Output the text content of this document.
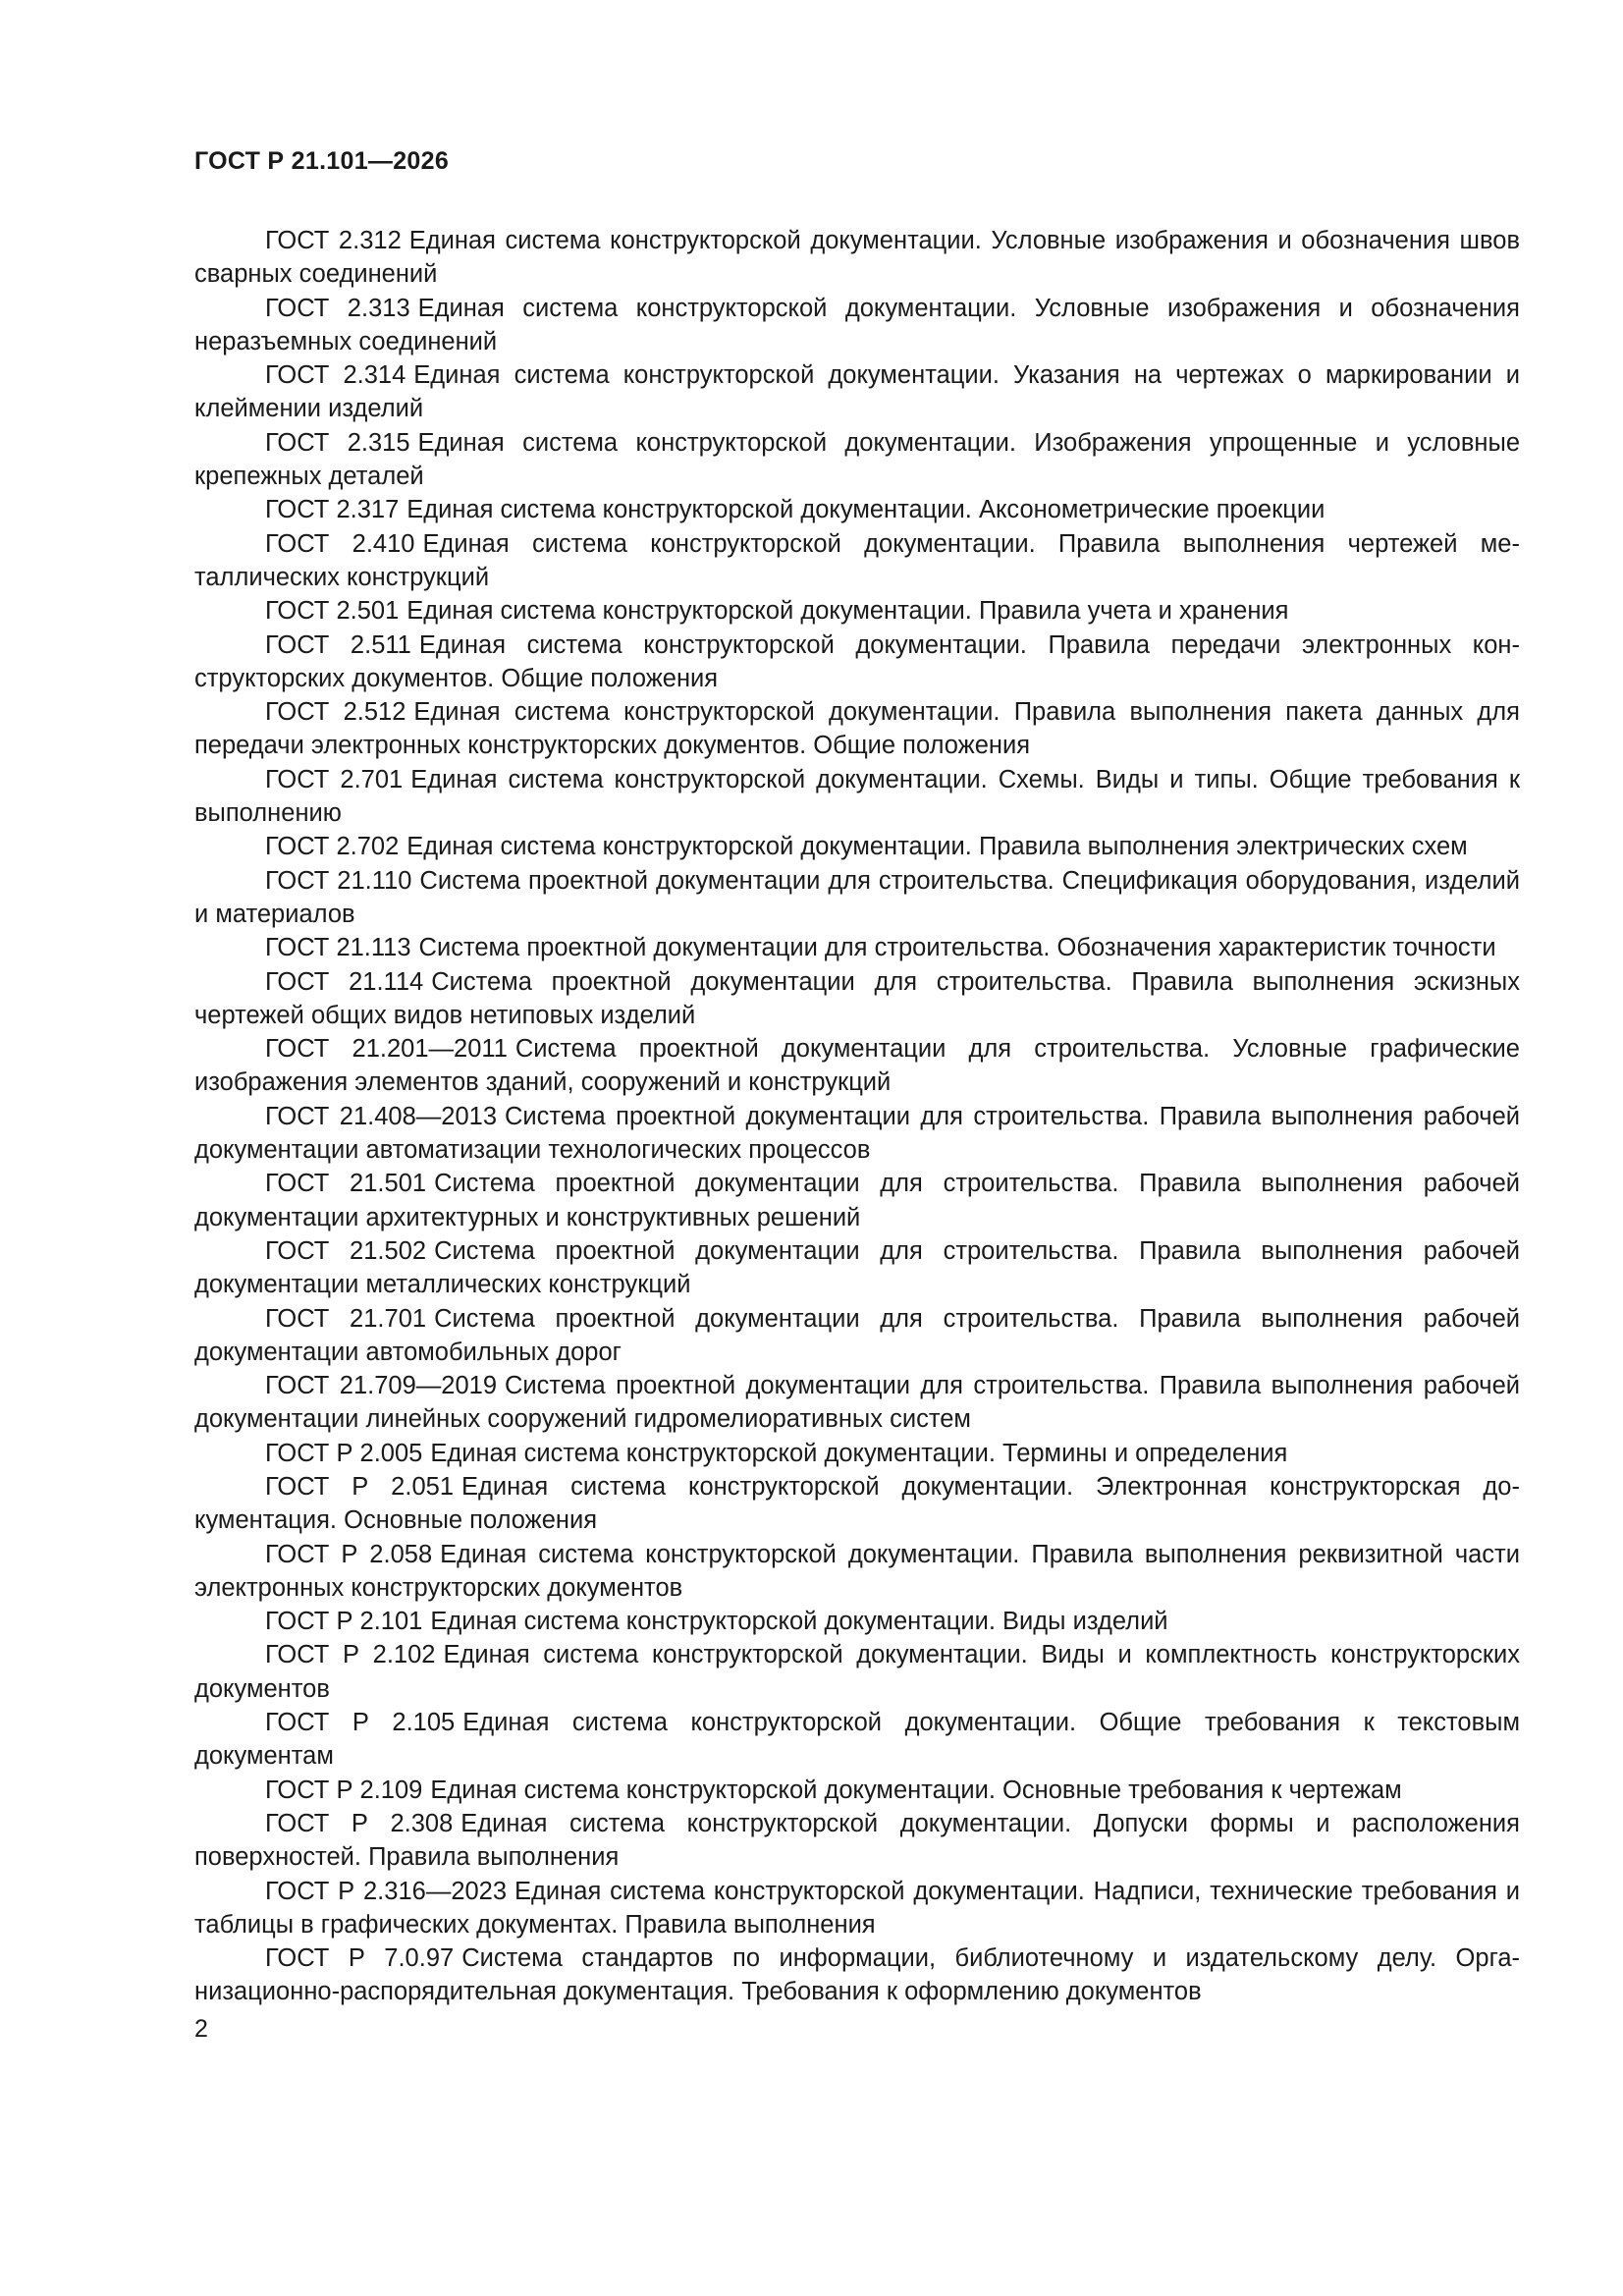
ГОСТ Р 21.101—2026
ГОСТ 2.312 Единая система конструкторской документации. Условные изображения и обозначения швов сварных соединений
ГОСТ 2.313 Единая система конструкторской документации. Условные изображения и обозначения неразъемных соединений
ГОСТ 2.314 Единая система конструкторской документации. Указания на чертежах о маркировании и клеймении изделий
ГОСТ 2.315 Единая система конструкторской документации. Изображения упрощенные и условные крепежных деталей
ГОСТ 2.317 Единая система конструкторской документации. Аксонометрические проекции
ГОСТ 2.410 Единая система конструкторской документации. Правила выполнения чертежей металлических конструкций
ГОСТ 2.501 Единая система конструкторской документации. Правила учета и хранения
ГОСТ 2.511 Единая система конструкторской документации. Правила передачи электронных конструкторских документов. Общие положения
ГОСТ 2.512 Единая система конструкторской документации. Правила выполнения пакета данных для передачи электронных конструкторских документов. Общие положения
ГОСТ 2.701 Единая система конструкторской документации. Схемы. Виды и типы. Общие требования к выполнению
ГОСТ 2.702 Единая система конструкторской документации. Правила выполнения электрических схем
ГОСТ 21.110 Система проектной документации для строительства. Спецификация оборудования, изделий и материалов
ГОСТ 21.113 Система проектной документации для строительства. Обозначения характеристик точности
ГОСТ 21.114 Система проектной документации для строительства. Правила выполнения эскизных чертежей общих видов нетиповых изделий
ГОСТ 21.201—2011 Система проектной документации для строительства. Условные графические изображения элементов зданий, сооружений и конструкций
ГОСТ 21.408—2013 Система проектной документации для строительства. Правила выполнения рабочей документации автоматизации технологических процессов
ГОСТ 21.501 Система проектной документации для строительства. Правила выполнения рабочей документации архитектурных и конструктивных решений
ГОСТ 21.502 Система проектной документации для строительства. Правила выполнения рабочей документации металлических конструкций
ГОСТ 21.701 Система проектной документации для строительства. Правила выполнения рабочей документации автомобильных дорог
ГОСТ 21.709—2019 Система проектной документации для строительства. Правила выполнения рабочей документации линейных сооружений гидромелиоративных систем
ГОСТ Р 2.005 Единая система конструкторской документации. Термины и определения
ГОСТ Р 2.051 Единая система конструкторской документации. Электронная конструкторская документация. Основные положения
ГОСТ Р 2.058 Единая система конструкторской документации. Правила выполнения реквизитной части электронных конструкторских документов
ГОСТ Р 2.101 Единая система конструкторской документации. Виды изделий
ГОСТ Р 2.102 Единая система конструкторской документации. Виды и комплектность конструкторских документов
ГОСТ Р 2.105 Единая система конструкторской документации. Общие требования к текстовым документам
ГОСТ Р 2.109 Единая система конструкторской документации. Основные требования к чертежам
ГОСТ Р 2.308 Единая система конструкторской документации. Допуски формы и расположения поверхностей. Правила выполнения
ГОСТ Р 2.316—2023 Единая система конструкторской документации. Надписи, технические требования и таблицы в графических документах. Правила выполнения
ГОСТ Р 7.0.97 Система стандартов по информации, библиотечному и издательскому делу. Организационно-распорядительная документация. Требования к оформлению документов
2
